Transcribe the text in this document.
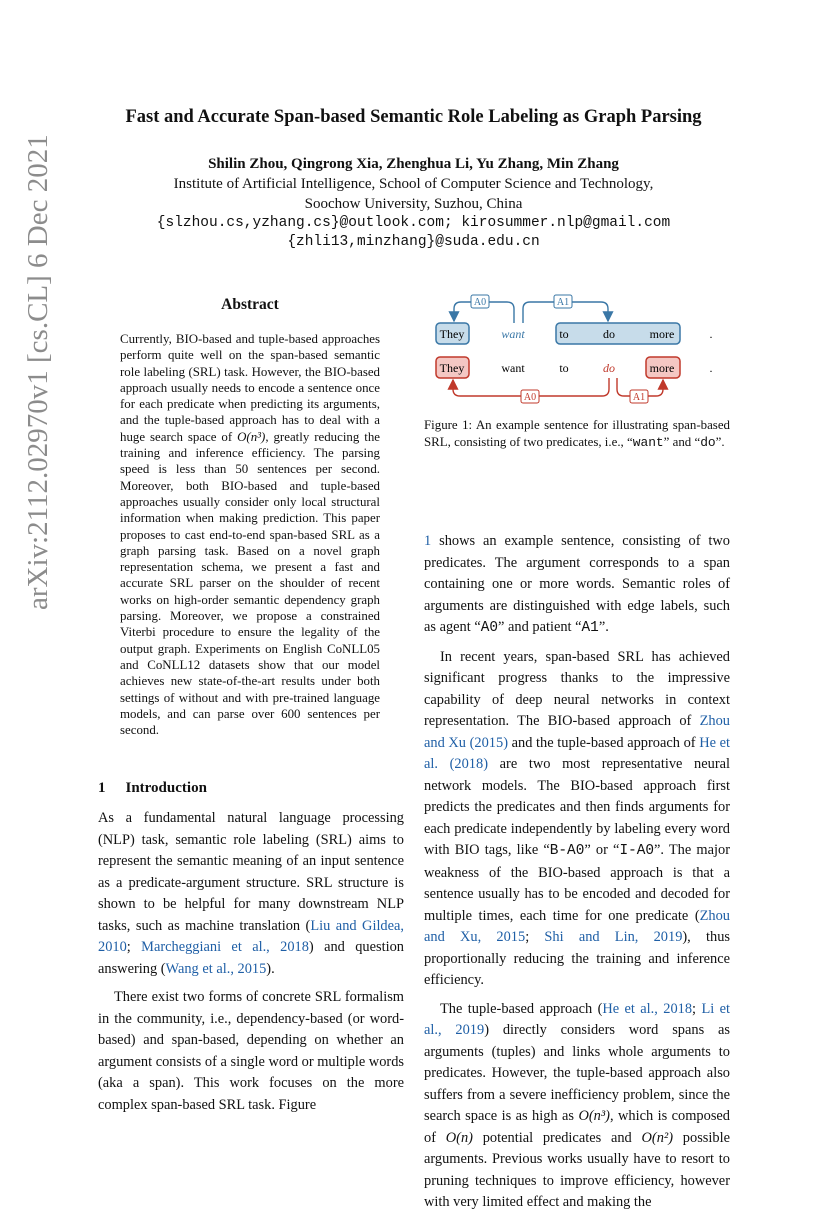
arXiv:2112.02970v1 [cs.CL] 6 Dec 2021
Fast and Accurate Span-based Semantic Role Labeling as Graph Parsing
Shilin Zhou, Qingrong Xia, Zhenghua Li, Yu Zhang, Min Zhang
Institute of Artificial Intelligence, School of Computer Science and Technology,
Soochow University, Suzhou, China
{slzhou.cs,yzhang.cs}@outlook.com; kirosummer.nlp@gmail.com
{zhli13,minzhang}@suda.edu.cn
Abstract
Currently, BIO-based and tuple-based approaches perform quite well on the span-based semantic role labeling (SRL) task. However, the BIO-based approach usually needs to encode a sentence once for each predicate when predicting its arguments, and the tuple-based approach has to deal with a huge search space of O(n³), greatly reducing the training and inference efficiency. The parsing speed is less than 50 sentences per second. Moreover, both BIO-based and tuple-based approaches usually consider only local structural information when making prediction. This paper proposes to cast end-to-end span-based SRL as a graph parsing task. Based on a novel graph representation schema, we present a fast and accurate SRL parser on the shoulder of recent works on high-order semantic dependency graph parsing. Moreover, we propose a constrained Viterbi procedure to ensure the legality of the output graph. Experiments on English CoNLL05 and CoNLL12 datasets show that our model achieves new state-of-the-art results under both settings of without and with pre-trained language models, and can parse over 600 sentences per second.
1 Introduction

As a fundamental natural language processing (NLP) task, semantic role labeling (SRL) aims to represent the semantic meaning of an input sentence as a predicate-argument structure. SRL structure is shown to be helpful for many downstream NLP tasks, such as machine translation (Liu and Gildea, 2010; Marcheggiani et al., 2018) and question answering (Wang et al., 2015).

There exist two forms of concrete SRL formalism in the community, i.e., dependency-based (or word-based) and span-based, depending on whether an argument consists of a single word or multiple words (aka a span). This work focuses on the more complex span-based SRL task. Figure

A0	A1
They	want	to	do	more	.
A0	A1
They	want	to	do	more	.
Figure 1: An example sentence for illustrating span-based SRL, consisting of two predicates, i.e., “want” and “do”.

1 shows an example sentence, consisting of two predicates. The argument corresponds to a span containing one or more words. Semantic roles of arguments are distinguished with edge labels, such as agent “A0” and patient “A1”.

In recent years, span-based SRL has achieved significant progress thanks to the impressive capability of deep neural networks in context representation. The BIO-based approach of Zhou and Xu (2015) and the tuple-based approach of He et al. (2018) are two most representative neural network models. The BIO-based approach first predicts the predicates and then finds arguments for each predicate independently by labeling every word with BIO tags, like “B-A0” or “I-A0”. The major weakness of the BIO-based approach is that a sentence usually has to be encoded and decoded for multiple times, each time for one predicate (Zhou and Xu, 2015; Shi and Lin, 2019), thus proportionally reducing the training and inference efficiency.

The tuple-based approach (He et al., 2018; Li et al., 2019) directly considers word spans as arguments (tuples) and links whole arguments to predicates. However, the tuple-based approach also suffers from a severe inefficiency problem, since the search space is as high as O(n³), which is composed of O(n) potential predicates and O(n²) possible arguments. Previous works usually have to resort to pruning techniques to improve efficiency, however with very limited effect and making the
